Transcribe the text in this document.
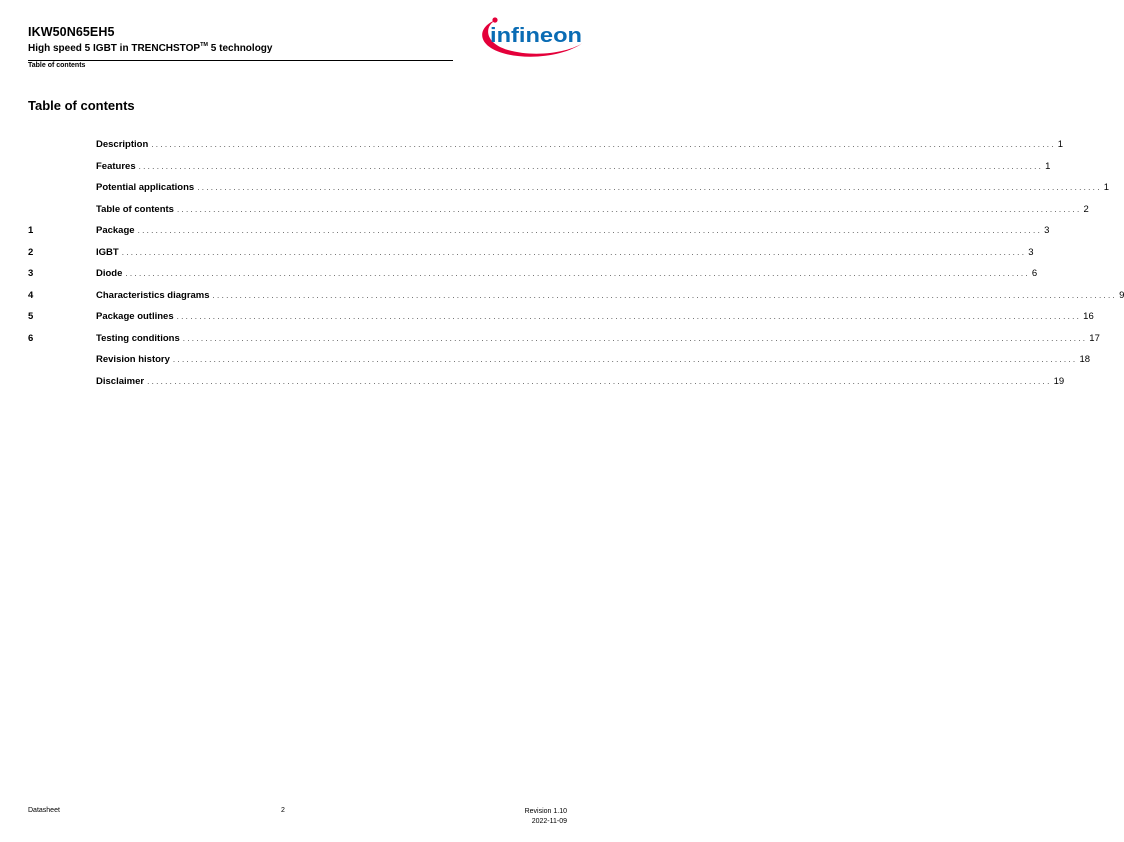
IKW50N65EH5
High speed 5 IGBT in TRENCHSTOP™ 5 technology
Table of contents
infineon
Table of contents
Description ........................................................................................................................................................................................................ 1
Features ........................................................................................................................................................................................................ 1
Potential applications ........................................................................................................................................................................................................ 1
Table of contents ........................................................................................................................................................................................................ 2
1	Package ........................................................................................................................................................................................................ 3
2	IGBT ........................................................................................................................................................................................................ 3
3	Diode ........................................................................................................................................................................................................ 6
4	Characteristics diagrams ........................................................................................................................................................................................................ 9
5	Package outlines ........................................................................................................................................................................................................ 16
6	Testing conditions ........................................................................................................................................................................................................ 17
Revision history ........................................................................................................................................................................................................ 18
Disclaimer ........................................................................................................................................................................................................ 19
Datasheet	2	Revision 1.10
2022-11-09
